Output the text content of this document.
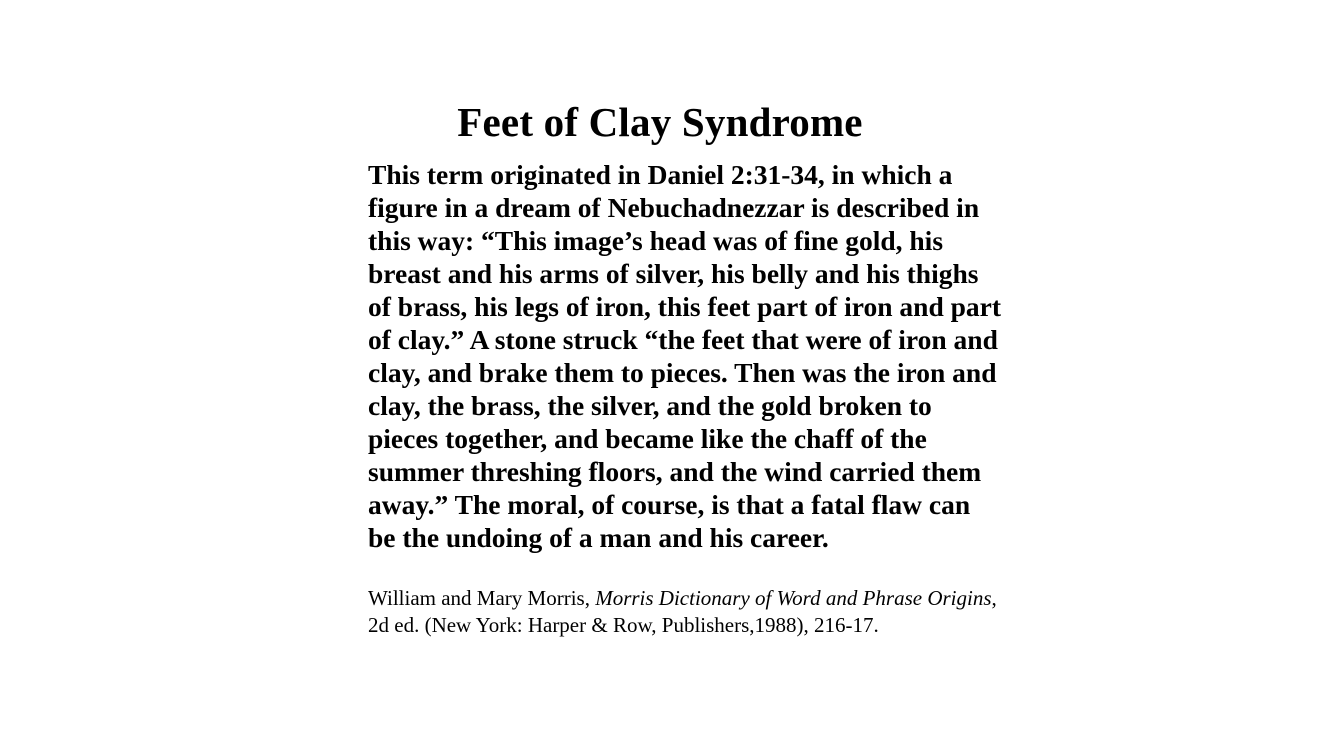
Feet of Clay Syndrome

This term originated in Daniel 2:31-34, in which a figure in a dream of Nebuchadnezzar is described in this way: “This image’s head was of fine gold, his breast and his arms of silver, his belly and his thighs of brass, his legs of iron, this feet part of iron and part of clay.” A stone struck “the feet that were of iron and clay, and brake them to pieces. Then was the iron and clay, the brass, the silver, and the gold broken to pieces together, and became like the chaff of the summer threshing floors, and the wind carried them away.” The moral, of course, is that a fatal flaw can be the undoing of a man and his career.

William and Mary Morris, Morris Dictionary of Word and Phrase Origins, 2d ed. (New York: Harper & Row, Publishers,1988), 216-17.
